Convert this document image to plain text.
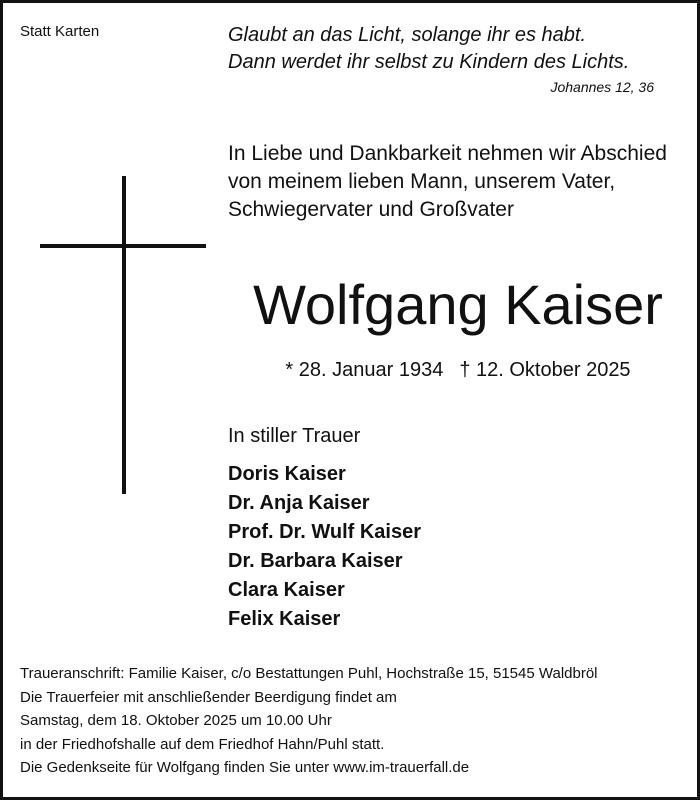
Statt Karten	Glaubt an das Licht, solange ihr es habt.
Dann werdet ihr selbst zu Kindern des Lichts.
Johannes 12, 36
In Liebe und Dankbarkeit nehmen wir Abschied
von meinem lieben Mann, unserem Vater,
Schwiegervater und Großvater
Wolfgang Kaiser
* 28. Januar 1934 † 12. Oktober 2025
In stiller Trauer
Doris Kaiser
Dr. Anja Kaiser
Prof. Dr. Wulf Kaiser
Dr. Barbara Kaiser
Clara Kaiser
Felix Kaiser
Traueranschrift: Familie Kaiser, c/o Bestattungen Puhl, Hochstraße 15, 51545 Waldbröl
Die Trauerfeier mit anschließender Beerdigung findet am
Samstag, dem 18. Oktober 2025 um 10.00 Uhr
in der Friedhofshalle auf dem Friedhof Hahn/Puhl statt.
Die Gedenkseite für Wolfgang finden Sie unter www.im-trauerfall.de
